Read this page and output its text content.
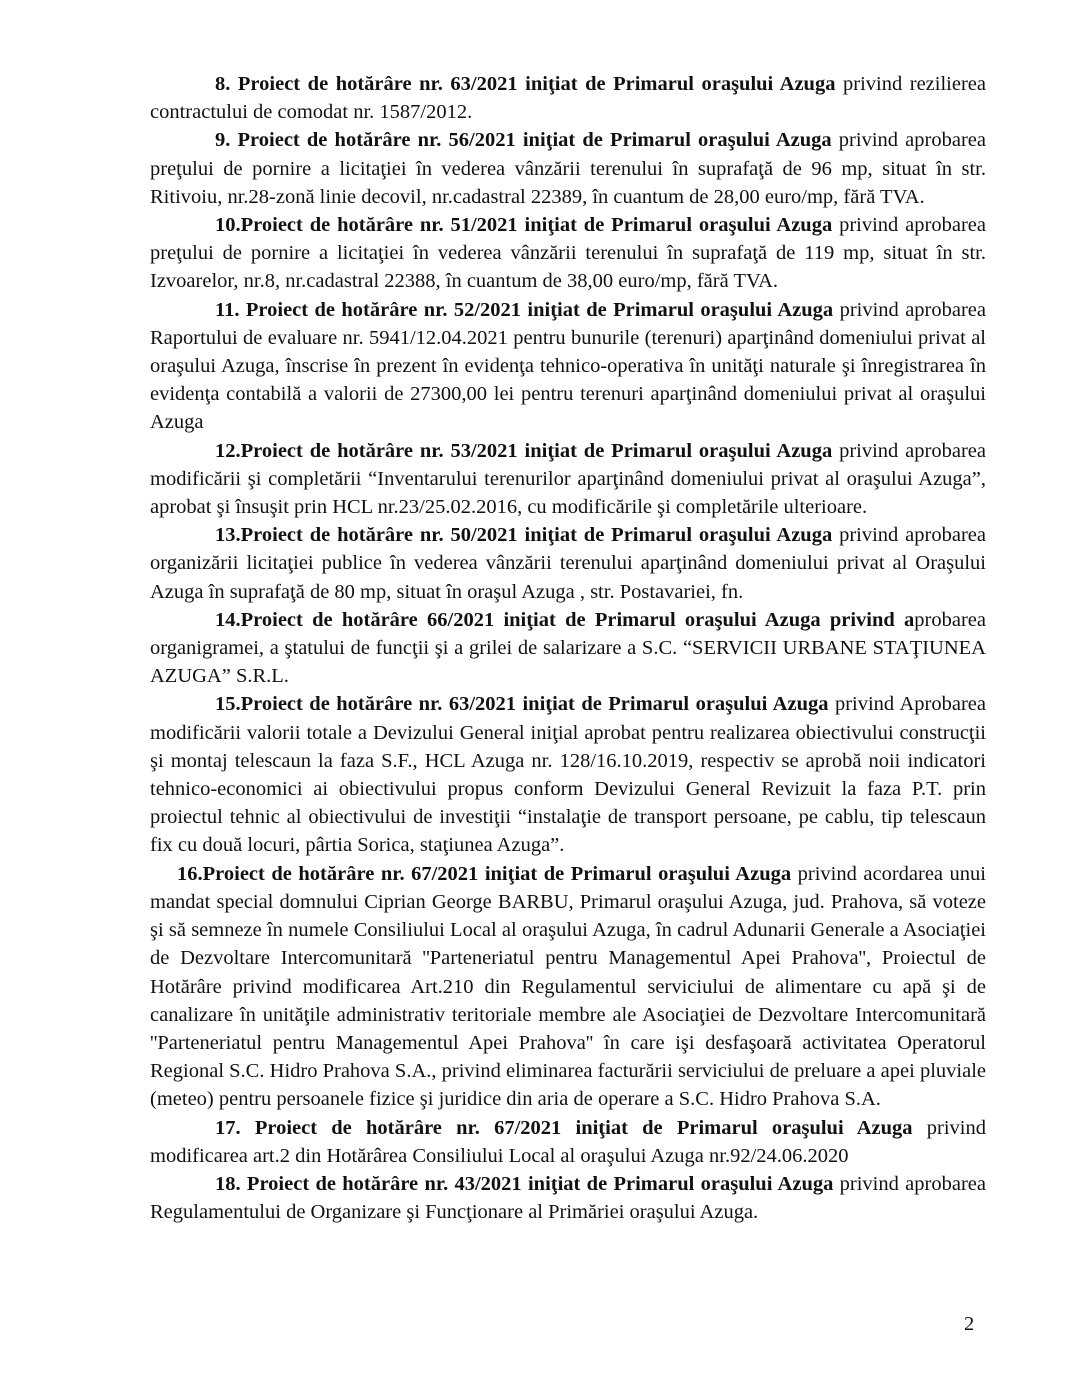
8. Proiect de hotărâre nr. 63/2021 iniţiat de Primarul oraşului Azuga privind rezilierea contractului de comodat nr. 1587/2012.

9. Proiect de hotărâre nr. 56/2021 iniţiat de Primarul oraşului Azuga privind aprobarea preţului de pornire a licitaţiei în vederea vânzării terenului în suprafaţă de 96 mp, situat în str. Ritivoiu, nr.28-zonă linie decovil, nr.cadastral 22389, în cuantum de 28,00 euro/mp, fără TVA.

10.Proiect de hotărâre nr. 51/2021 iniţiat de Primarul oraşului Azuga privind aprobarea preţului de pornire a licitaţiei în vederea vânzării terenului în suprafaţă de 119 mp, situat în str. Izvoarelor, nr.8, nr.cadastral 22388, în cuantum de 38,00 euro/mp, fără TVA.

11. Proiect de hotărâre nr. 52/2021 iniţiat de Primarul oraşului Azuga privind aprobarea Raportului de evaluare nr. 5941/12.04.2021 pentru bunurile (terenuri) aparţinând domeniului privat al oraşului Azuga, înscrise în prezent în evidenţa tehnico-operativa în unităţi naturale şi înregistrarea în evidenţa contabilă a valorii de 27300,00 lei pentru terenuri aparţinând domeniului privat al oraşului Azuga

12.Proiect de hotărâre nr. 53/2021 iniţiat de Primarul oraşului Azuga privind aprobarea modificării şi completării “Inventarului terenurilor aparţinând domeniului privat al oraşului Azuga”, aprobat şi însuşit prin HCL nr.23/25.02.2016, cu modificările şi completările ulterioare.

13.Proiect de hotărâre nr. 50/2021 iniţiat de Primarul oraşului Azuga privind aprobarea organizării licitaţiei publice în vederea vânzării terenului aparţinând domeniului privat al Oraşului Azuga în suprafaţă de 80 mp, situat în oraşul Azuga , str. Postavariei, fn.

14.Proiect de hotărâre 66/2021 iniţiat de Primarul oraşului Azuga privind aprobarea organigramei, a ştatului de funcţii şi a grilei de salarizare a S.C. “SERVICII URBANE STAŢIUNEA AZUGA” S.R.L.

15.Proiect de hotărâre nr. 63/2021 iniţiat de Primarul oraşului Azuga privind Aprobarea modificării valorii totale a Devizului General iniţial aprobat pentru realizarea obiectivului construcţii şi montaj telescaun la faza S.F., HCL Azuga nr. 128/16.10.2019, respectiv se aprobă noii indicatori tehnico-economici ai obiectivului propus conform Devizului General Revizuit la faza P.T. prin proiectul tehnic al obiectivului de investiţii “instalaţie de transport persoane, pe cablu, tip telescaun fix cu două locuri, pârtia Sorica, staţiunea Azuga”.

16.Proiect de hotărâre nr. 67/2021 iniţiat de Primarul oraşului Azuga privind acordarea unui mandat special domnului Ciprian George BARBU, Primarul oraşului Azuga, jud. Prahova, să voteze şi să semneze în numele Consiliului Local al oraşului Azuga, în cadrul Adunarii Generale a Asociaţiei de Dezvoltare Intercomunitară ''Parteneriatul pentru Managementul Apei Prahova'', Proiectul de Hotărâre privind modificarea Art.210 din Regulamentul serviciului de alimentare cu apă şi de canalizare în unităţile administrativ teritoriale membre ale Asociaţiei de Dezvoltare Intercomunitară ''Parteneriatul pentru Managementul Apei Prahova'' în care işi desfaşoară activitatea Operatorul Regional S.C. Hidro Prahova S.A., privind eliminarea facturării serviciului de preluare a apei pluviale (meteo) pentru persoanele fizice şi juridice din aria de operare a S.C. Hidro Prahova S.A.

17. Proiect de hotărâre nr. 67/2021 iniţiat de Primarul oraşului Azuga privind modificarea art.2 din Hotărârea Consiliului Local al oraşului Azuga nr.92/24.06.2020

18. Proiect de hotărâre nr. 43/2021 iniţiat de Primarul oraşului Azuga privind aprobarea Regulamentului de Organizare şi Funcţionare al Primăriei oraşului Azuga.

2
